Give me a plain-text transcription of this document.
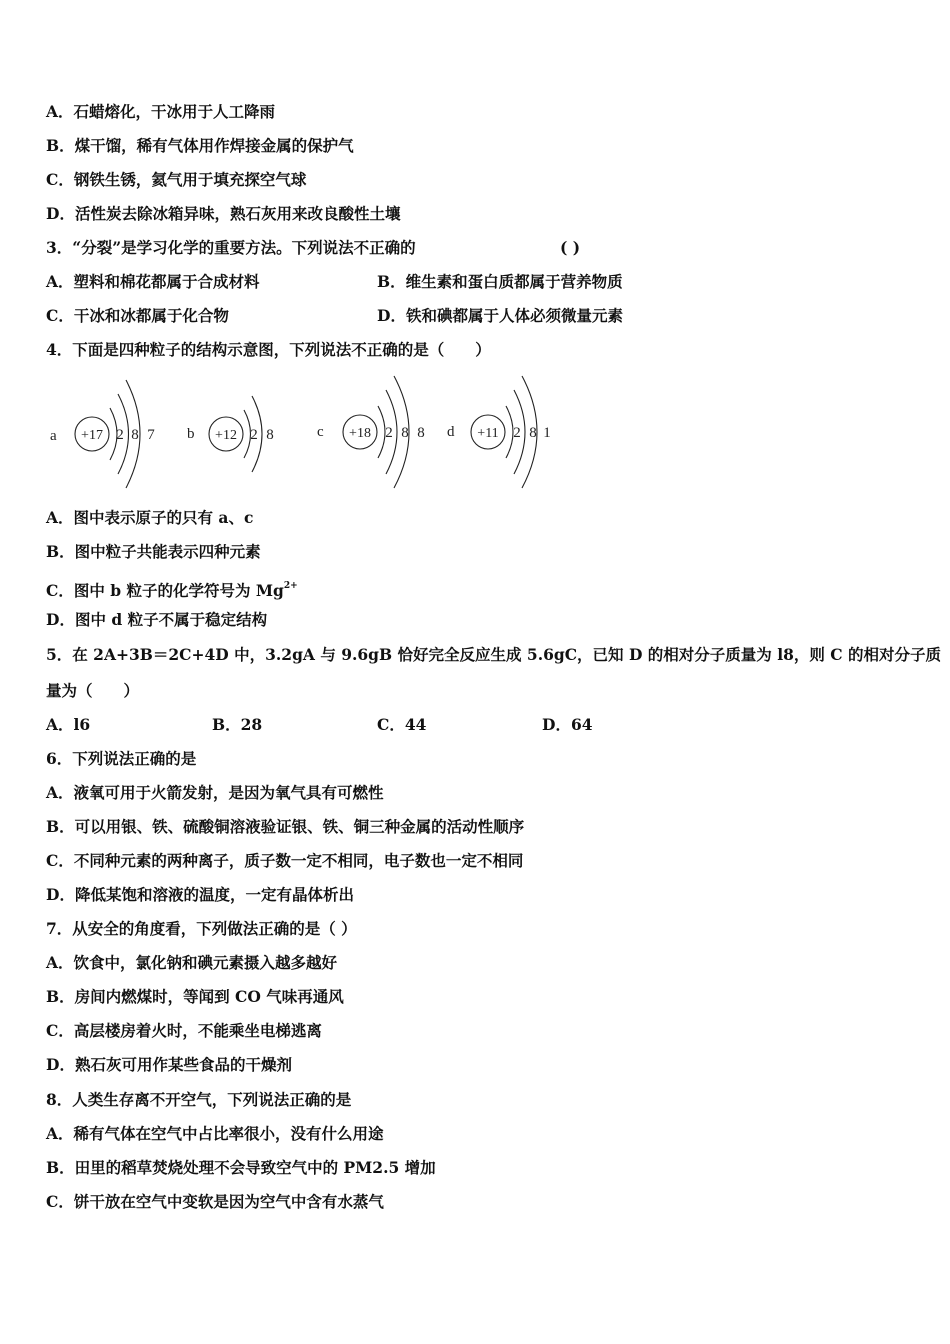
A．石蜡熔化，干冰用于人工降雨
B．煤干馏，稀有气体用作焊接金属的保护气
C．钢铁生锈，氦气用于填充探空气球
D．活性炭去除冰箱异味，熟石灰用来改良酸性土壤
3．“分裂”是学习化学的重要方法。下列说法不正确的	( )
A．塑料和棉花都属于合成材料	B．维生素和蛋白质都属于营养物质
C．干冰和冰都属于化合物	D．铁和碘都属于人体必须微量元素
4．下面是四种粒子的结构示意图，下列说法不正确的是（　　）
a +17 2 8 7 b +12 2 8	c +18 2 8 8 d +11 2 8 1
A．图中表示原子的只有 a、c
B．图中粒子共能表示四种元素
C．图中 b 粒子的化学符号为 $Mg^{2+}$
D．图中 d 粒子不属于稳定结构
5．在 2A+3B＝2C+4D 中，3.2gA 与 9.6gB 恰好完全反应生成 5.6gC，已知 D 的相对分子质量为 l8，则 C 的相对分子质
量为（　　）
A．l6	B．28	C．44	D．64
6．下列说法正确的是
A．液氧可用于火箭发射，是因为氧气具有可燃性
B．可以用银、铁、硫酸铜溶液验证银、铁、铜三种金属的活动性顺序
C．不同种元素的两种离子，质子数一定不相同，电子数也一定不相同
D．降低某饱和溶液的温度，一定有晶体析出
7．从安全的角度看，下列做法正确的是（ ）
A．饮食中，氯化钠和碘元素摄入越多越好
B．房间内燃煤时，等闻到 CO 气味再通风
C．高层楼房着火时，不能乘坐电梯逃离
D．熟石灰可用作某些食品的干燥剂
8．人类生存离不开空气，下列说法正确的是
A．稀有气体在空气中占比率很小，没有什么用途
B．田里的稻草焚烧处理不会导致空气中的 PM2.5 增加
C．饼干放在空气中变软是因为空气中含有水蒸气
